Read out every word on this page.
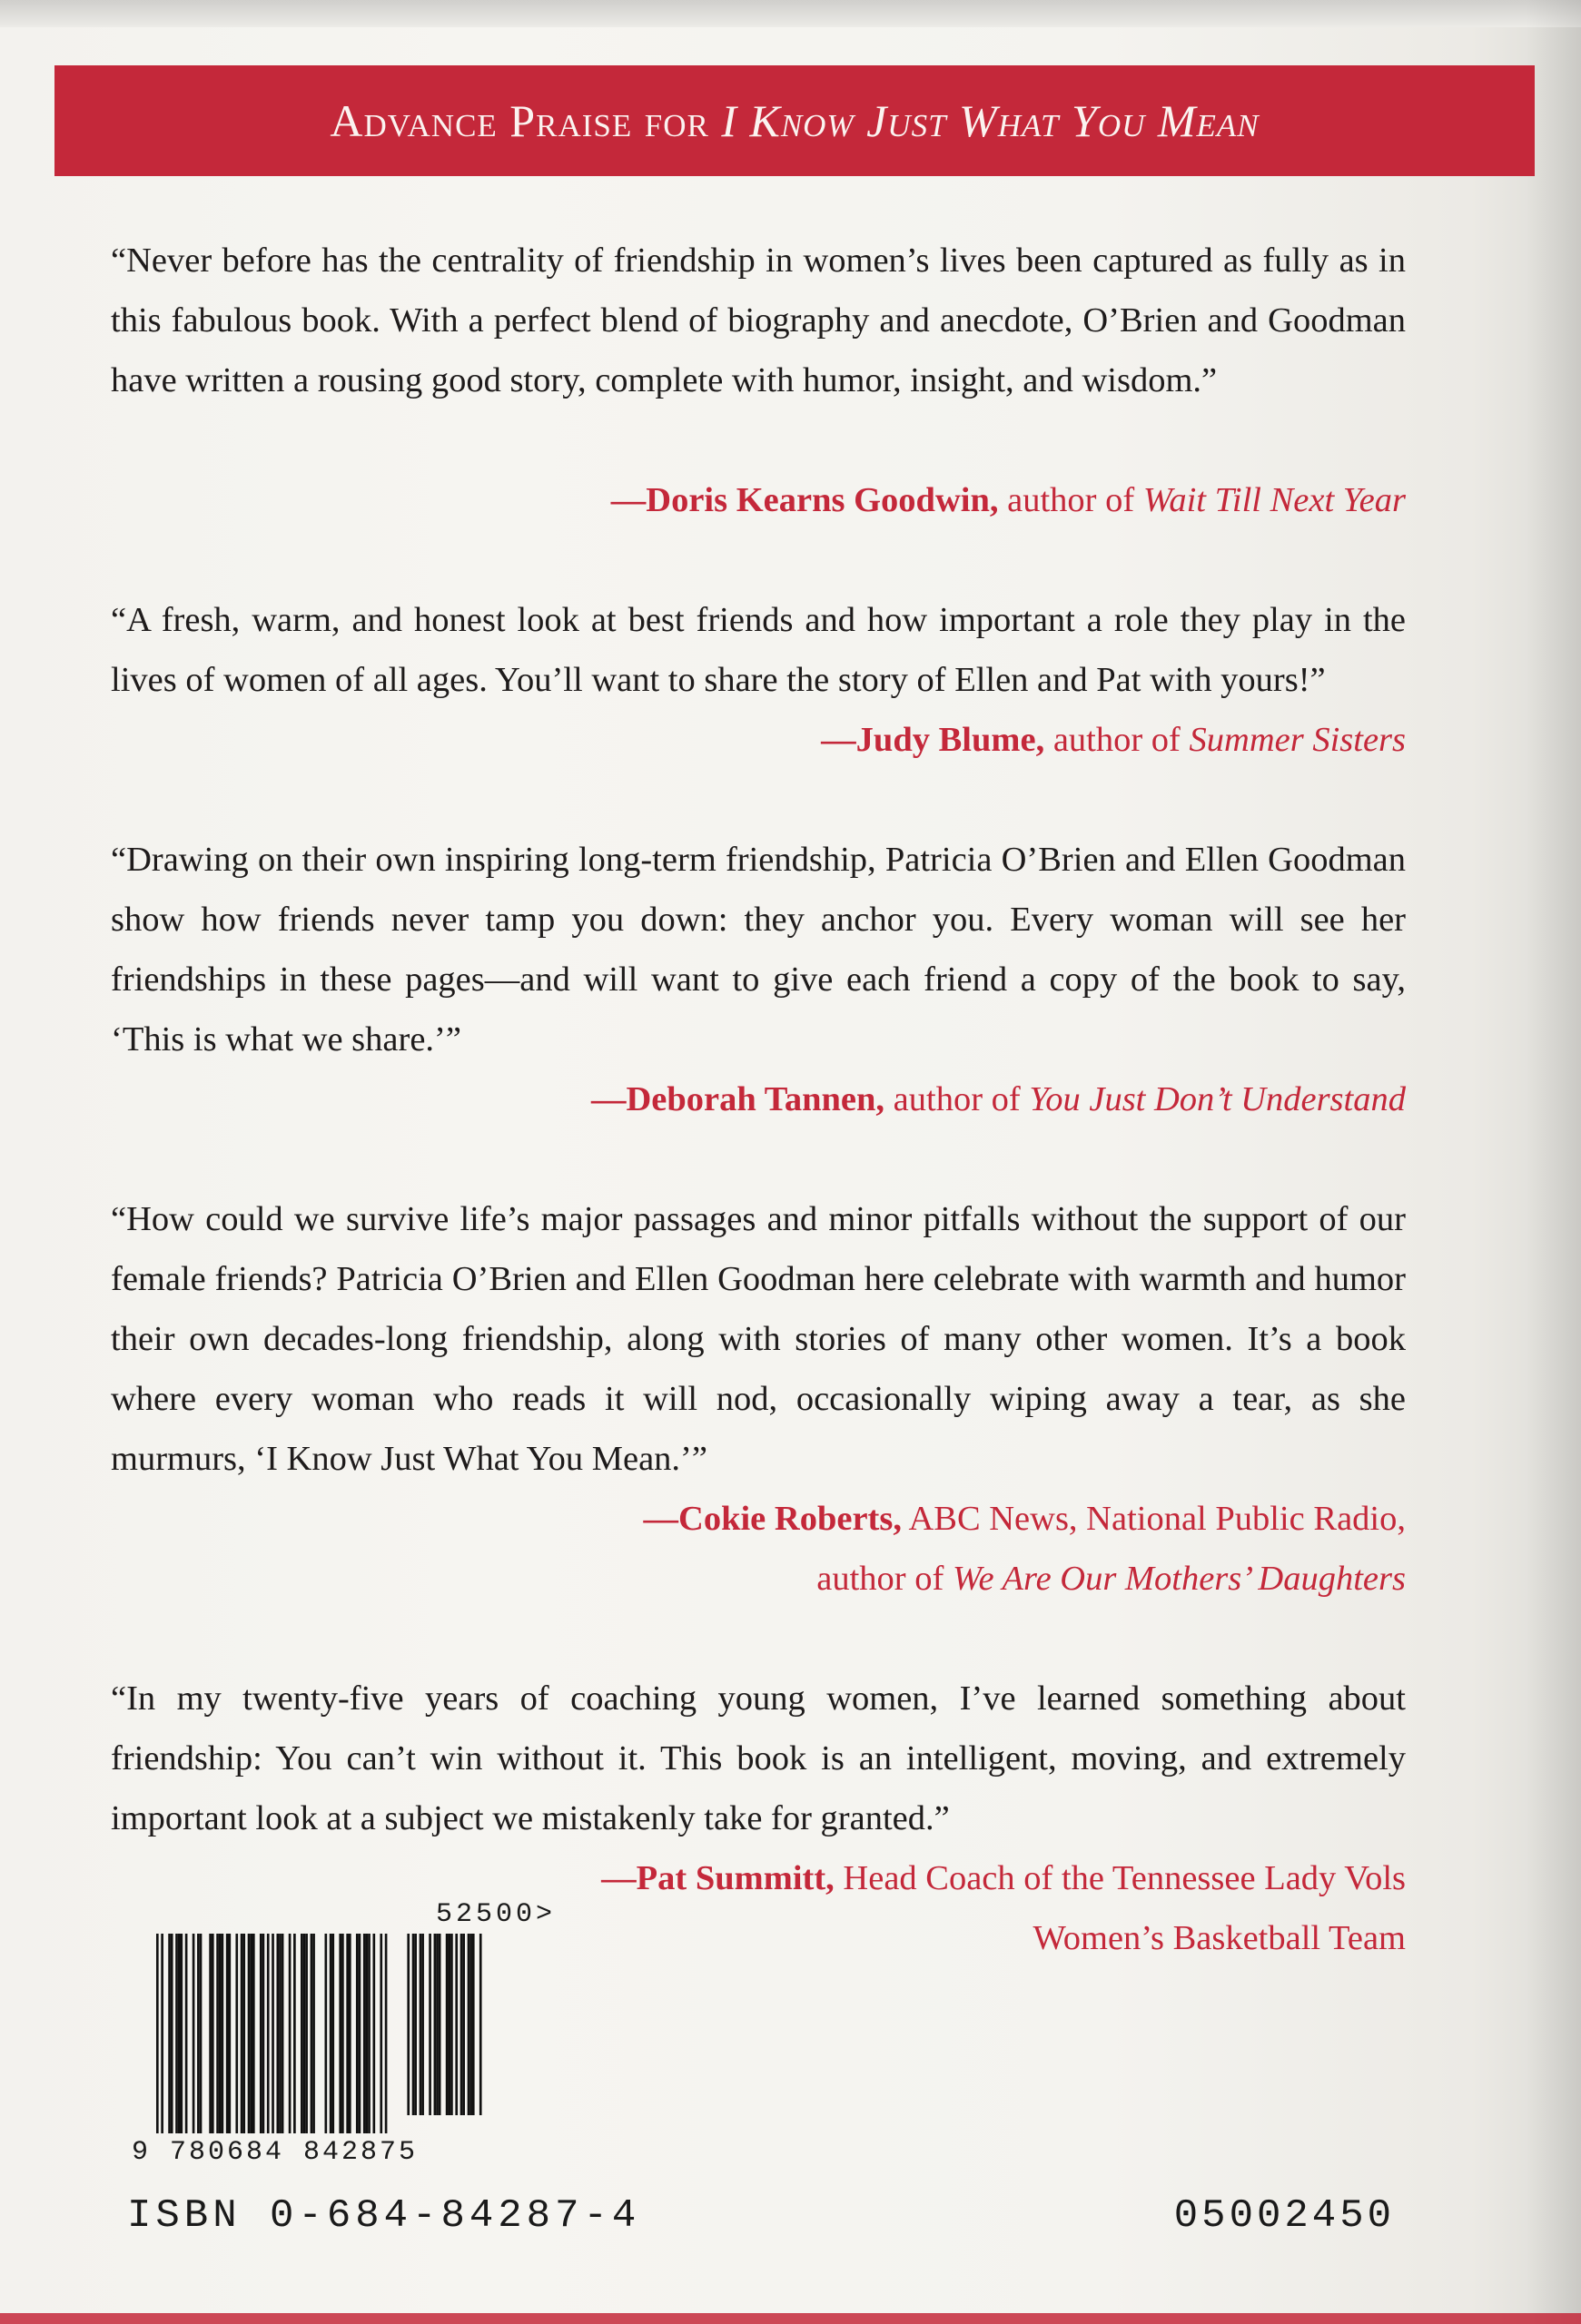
Advance Praise for I Know Just What You Mean
“Never before has the centrality of friendship in women’s lives been captured as fully as in this fabulous book. With a perfect blend of biography and anecdote, O’Brien and Goodman have written a rousing good story, complete with humor, insight, and wisdom.”
—Doris Kearns Goodwin, author of Wait Till Next Year
“A fresh, warm, and honest look at best friends and how important a role they play in the lives of women of all ages. You’ll want to share the story of Ellen and Pat with yours!”
—Judy Blume, author of Summer Sisters
“Drawing on their own inspiring long-term friendship, Patricia O’Brien and Ellen Goodman show how friends never tamp you down: they anchor you. Every woman will see her friendships in these pages—and will want to give each friend a copy of the book to say, ‘This is what we share.’”
—Deborah Tannen, author of You Just Don’t Understand
“How could we survive life’s major passages and minor pitfalls without the support of our female friends? Patricia O’Brien and Ellen Goodman here celebrate with warmth and humor their own decades-long friendship, along with stories of many other women. It’s a book where every woman who reads it will nod, occasionally wiping away a tear, as she murmurs, ‘I Know Just What You Mean.’”
—Cokie Roberts, ABC News, National Public Radio,
author of We Are Our Mothers’ Daughters
“In my twenty-five years of coaching young women, I’ve learned something about friendship: You can’t win without it. This book is an intelligent, moving, and extremely important look at a subject we mistakenly take for granted.”
—Pat Summitt, Head Coach of the Tennessee Lady Vols
Women’s Basketball Team
52500>
9 780684 842875
ISBN 0-684-84287-4	05002450
